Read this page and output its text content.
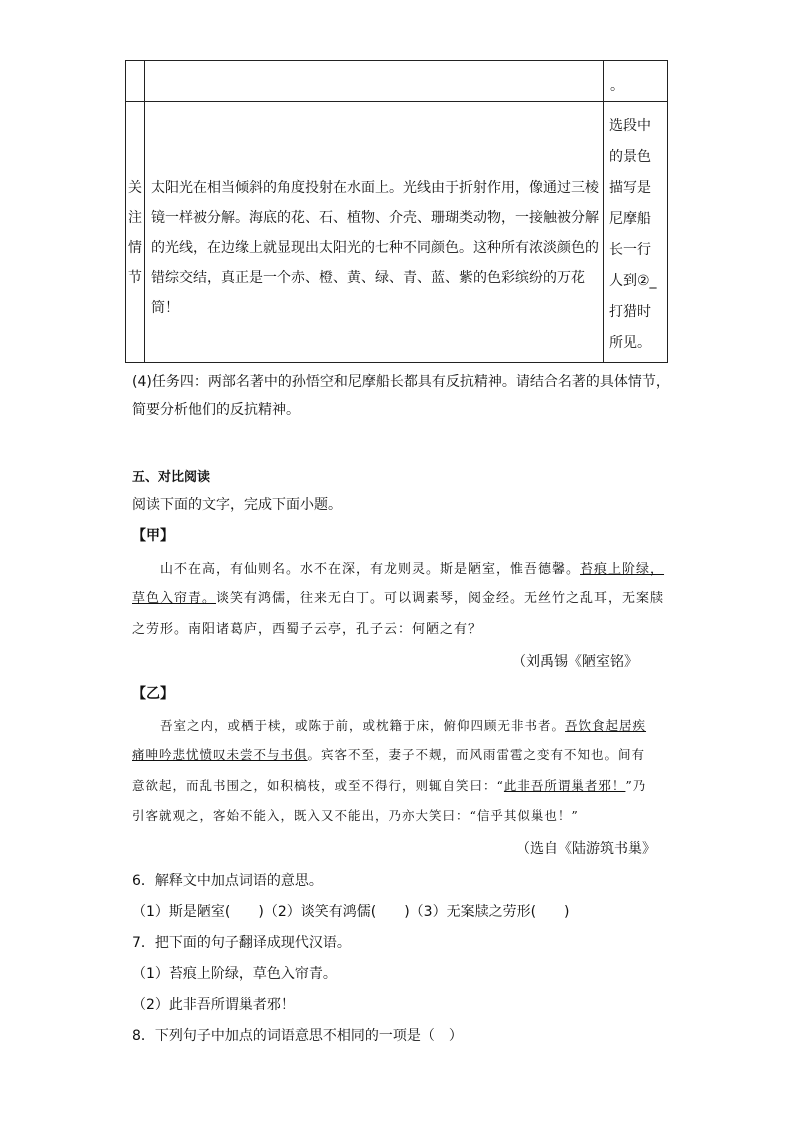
。
关
注
情
节
太阳光在相当倾斜的角度投射在水面上。光线由于折射作用，像通过三棱
镜一样被分解。海底的花、石、植物、介壳、珊瑚类动物，一接触被分解
的光线，在边缘上就显现出太阳光的七种不同颜色。这种所有浓淡颜色的
错综交结，真正是一个赤、橙、黄、绿、青、蓝、紫的色彩缤纷的万花筒！
选段中
的景色
描写是
尼摩船
长一行
人到②_
打猎时
所见。
(4)任务四：两部名著中的孙悟空和尼摩船长都具有反抗精神。请结合名著的具体情节，
简要分析他们的反抗精神。
五、对比阅读
阅读下面的文字，完成下面小题。
【甲】
山不在高，有仙则名。水不在深，有龙则灵。斯是陋室，惟吾德馨。苔痕上阶绿，
草色入帘青。谈笑有鸿儒，往来无白丁。可以调素琴，阅金经。无丝竹之乱耳，无案牍
之劳形。南阳诸葛庐，西蜀子云亭，孔子云：何陋之有？
（刘禹锡《陋室铭》
【乙】
吾室之内，或栖于椟，或陈于前，或枕籍于床，俯仰四顾无非书者。吾饮食起居疾
痛呻吟悲忧愤叹未尝不与书俱。宾客不至，妻子不觌，而风雨雷雹之变有不知也。间有
意欲起，而乱书围之，如积槁枝，或至不得行，则辄自笑曰：“此非吾所谓巢者邪！”乃
引客就观之，客始不能入，既入又不能出，乃亦大笑曰：“信乎其似巢也！”
（选自《陆游筑书巢》
6．解释文中加点词语的意思。
（1）斯是陋室(　　)（2）谈笑有鸿儒(　　)（3）无案牍之劳形(　　)
7．把下面的句子翻译成现代汉语。
（1）苔痕上阶绿，草色入帘青。
（2）此非吾所谓巢者邪！
8．下列句子中加点的词语意思不相同的一项是（　）
